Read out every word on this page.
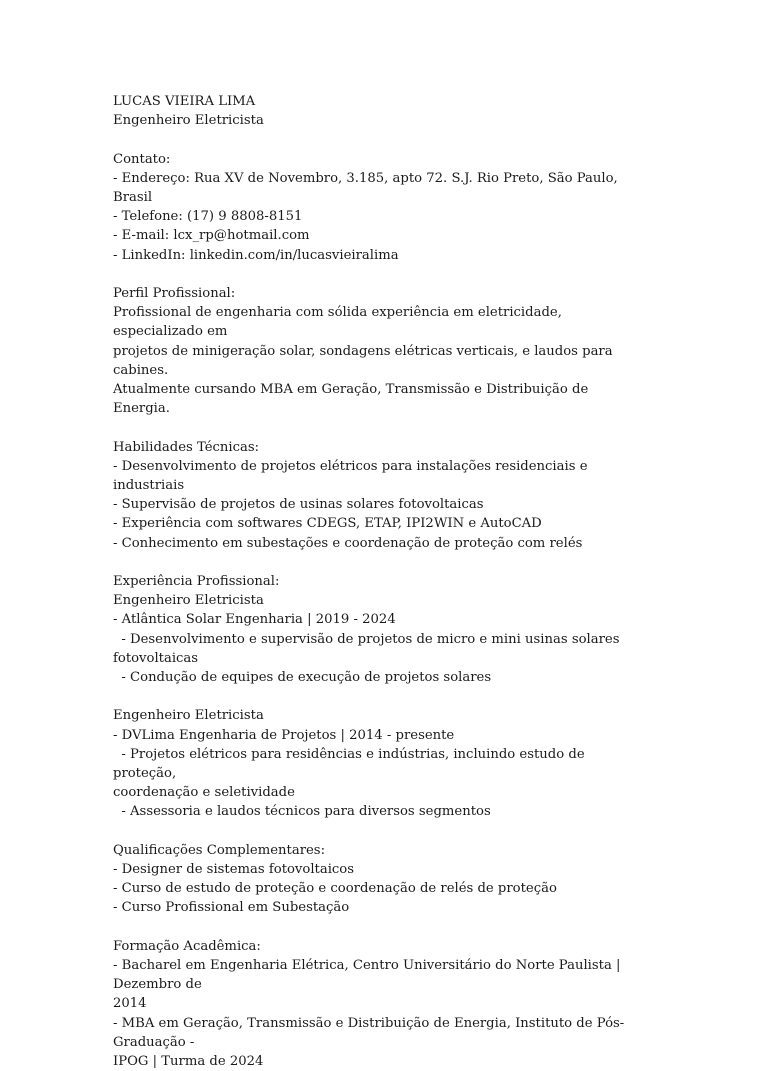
LUCAS VIEIRA LIMA
Engenheiro Eletricista
Contato:
- Endereço: Rua XV de Novembro, 3.185, apto 72. S.J. Rio Preto, São Paulo, Brasil
- Telefone: (17) 9 8808-8151
- E-mail: lcx_rp@hotmail.com
- LinkedIn: linkedin.com/in/lucasvieiralima
Perfil Profissional:
Profissional de engenharia com sólida experiência em eletricidade, especializado em
projetos de minigeração solar, sondagens elétricas verticais, e laudos para cabines.
Atualmente cursando MBA em Geração, Transmissão e Distribuição de Energia.
Habilidades Técnicas:
- Desenvolvimento de projetos elétricos para instalações residenciais e industriais
- Supervisão de projetos de usinas solares fotovoltaicas
- Experiência com softwares CDEGS, ETAP, IPI2WIN e AutoCAD
- Conhecimento em subestações e coordenação de proteção com relés
Experiência Profissional:
Engenheiro Eletricista
- Atlântica Solar Engenharia | 2019 - 2024
- Desenvolvimento e supervisão de projetos de micro e mini usinas solares fotovoltaicas
- Condução de equipes de execução de projetos solares
Engenheiro Eletricista
- DVLima Engenharia de Projetos | 2014 - presente
- Projetos elétricos para residências e indústrias, incluindo estudo de proteção,
coordenação e seletividade
- Assessoria e laudos técnicos para diversos segmentos
Qualificações Complementares:
- Designer de sistemas fotovoltaicos
- Curso de estudo de proteção e coordenação de relés de proteção
- Curso Profissional em Subestação
Formação Acadêmica:
- Bacharel em Engenharia Elétrica, Centro Universitário do Norte Paulista | Dezembro de
2014
- MBA em Geração, Transmissão e Distribuição de Energia, Instituto de Pós-Graduação -
IPOG | Turma de 2024
